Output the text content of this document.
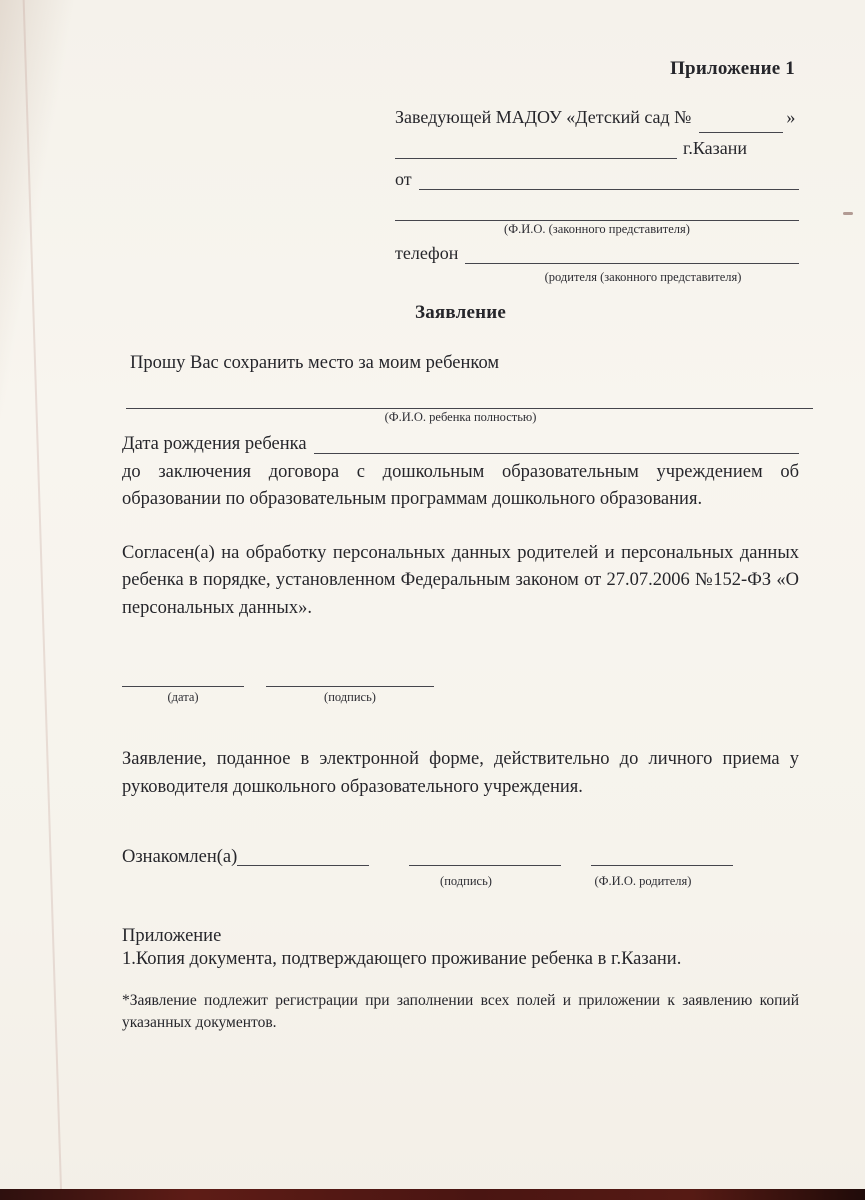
Приложение 1
Заведующей МАДОУ «Детский сад №	»
г.Казани
от
(Ф.И.О. (законного представителя)
телефон
(родителя (законного представителя)
Заявление
Прошу Вас сохранить место за моим ребенком
(Ф.И.О. ребенка полностью)
Дата рождения ребенка
до заключения договора с дошкольным образовательным учреждением об образовании по образовательным программам дошкольного образования.
Согласен(а) на обработку персональных данных родителей и персональных данных ребенка в порядке, установленном Федеральным законом от 27.07.2006 №152-ФЗ «О персональных данных».
(дата)	(подпись)
Заявление, поданное в электронной форме, действительно до личного приема у руководителя дошкольного образовательного учреждения.
Ознакомлен(а)
(подпись)	(Ф.И.О. родителя)
Приложение
1.Копия документа, подтверждающего проживание ребенка в г.Казани.
*Заявление подлежит регистрации при заполнении всех полей и приложении к заявлению копий указанных документов.
